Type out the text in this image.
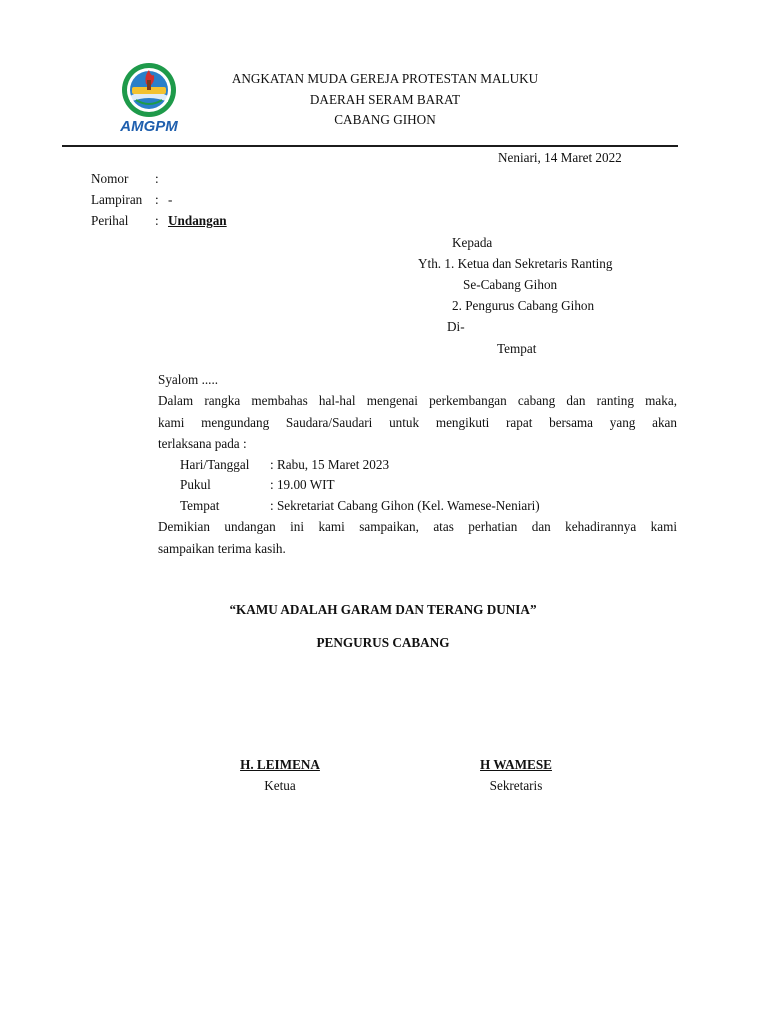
AMGPM
ANGKATAN MUDA GEREJA PROTESTAN MALUKU
DAERAH SERAM BARAT
CABANG GIHON
Neniari, 14 Maret 2022
Nomor :
Lampiran : -
Perihal : Undangan
Kepada
Yth. 1. Ketua dan Sekretaris Ranting
Se-Cabang Gihon
2. Pengurus Cabang Gihon
Di-
Tempat
Syalom .....
Dalam rangka membahas hal-hal mengenai perkembangan cabang dan ranting maka,
kami mengundang Saudara/Saudari untuk mengikuti rapat bersama yang akan
terlaksana pada :
Hari/Tanggal : Rabu, 15 Maret 2023
Pukul	: 19.00 WIT
Tempat	: Sekretariat Cabang Gihon (Kel. Wamese-Neniari)
Demikian undangan ini kami sampaikan, atas perhatian dan kehadirannya kami
sampaikan terima kasih.
“KAMU ADALAH GARAM DAN TERANG DUNIA”
PENGURUS CABANG
H. LEIMENA
Ketua
H WAMESE
Sekretaris
